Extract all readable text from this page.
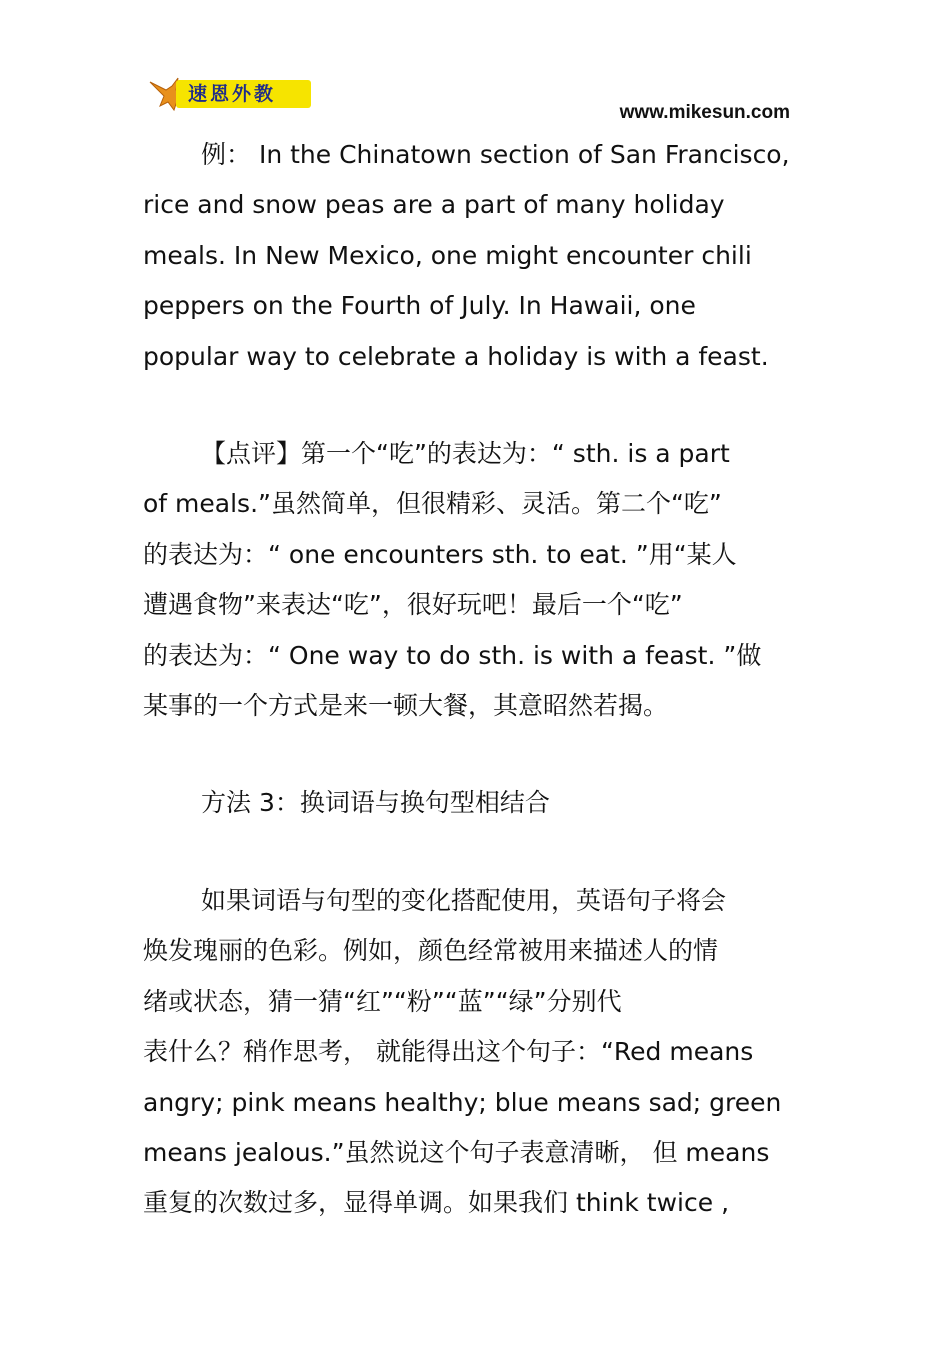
速恩外教
www.mikesun.com
例： In the Chinatown section of San Francisco,
rice and snow peas are a part of many holiday
meals. In New Mexico, one might encounter chili
peppers on the Fourth of July. In Hawaii, one
popular way to celebrate a holiday is with a feast.
【点评】第一个“吃”的表达为：“ sth. is a part
of meals.”虽然简单，但很精彩、灵活。第二个“吃”
的表达为：“ one encounters sth. to eat. ”用“某人
遭遇食物”来表达“吃”，很好玩吧！最后一个“吃”
的表达为：“ One way to do sth. is with a feast. ”做
某事的一个方式是来一顿大餐，其意昭然若揭。
方法 3：换词语与换句型相结合
如果词语与句型的变化搭配使用，英语句子将会
焕发瑰丽的色彩。例如，颜色经常被用来描述人的情
绪或状态，猜一猜“红”“粉”“蓝”“绿”分别代
表什么？稍作思考， 就能得出这个句子：“Red means
angry; pink means healthy; blue means sad; green
means jealous.”虽然说这个句子表意清晰， 但 means
重复的次数过多，显得单调。如果我们 think twice ,
